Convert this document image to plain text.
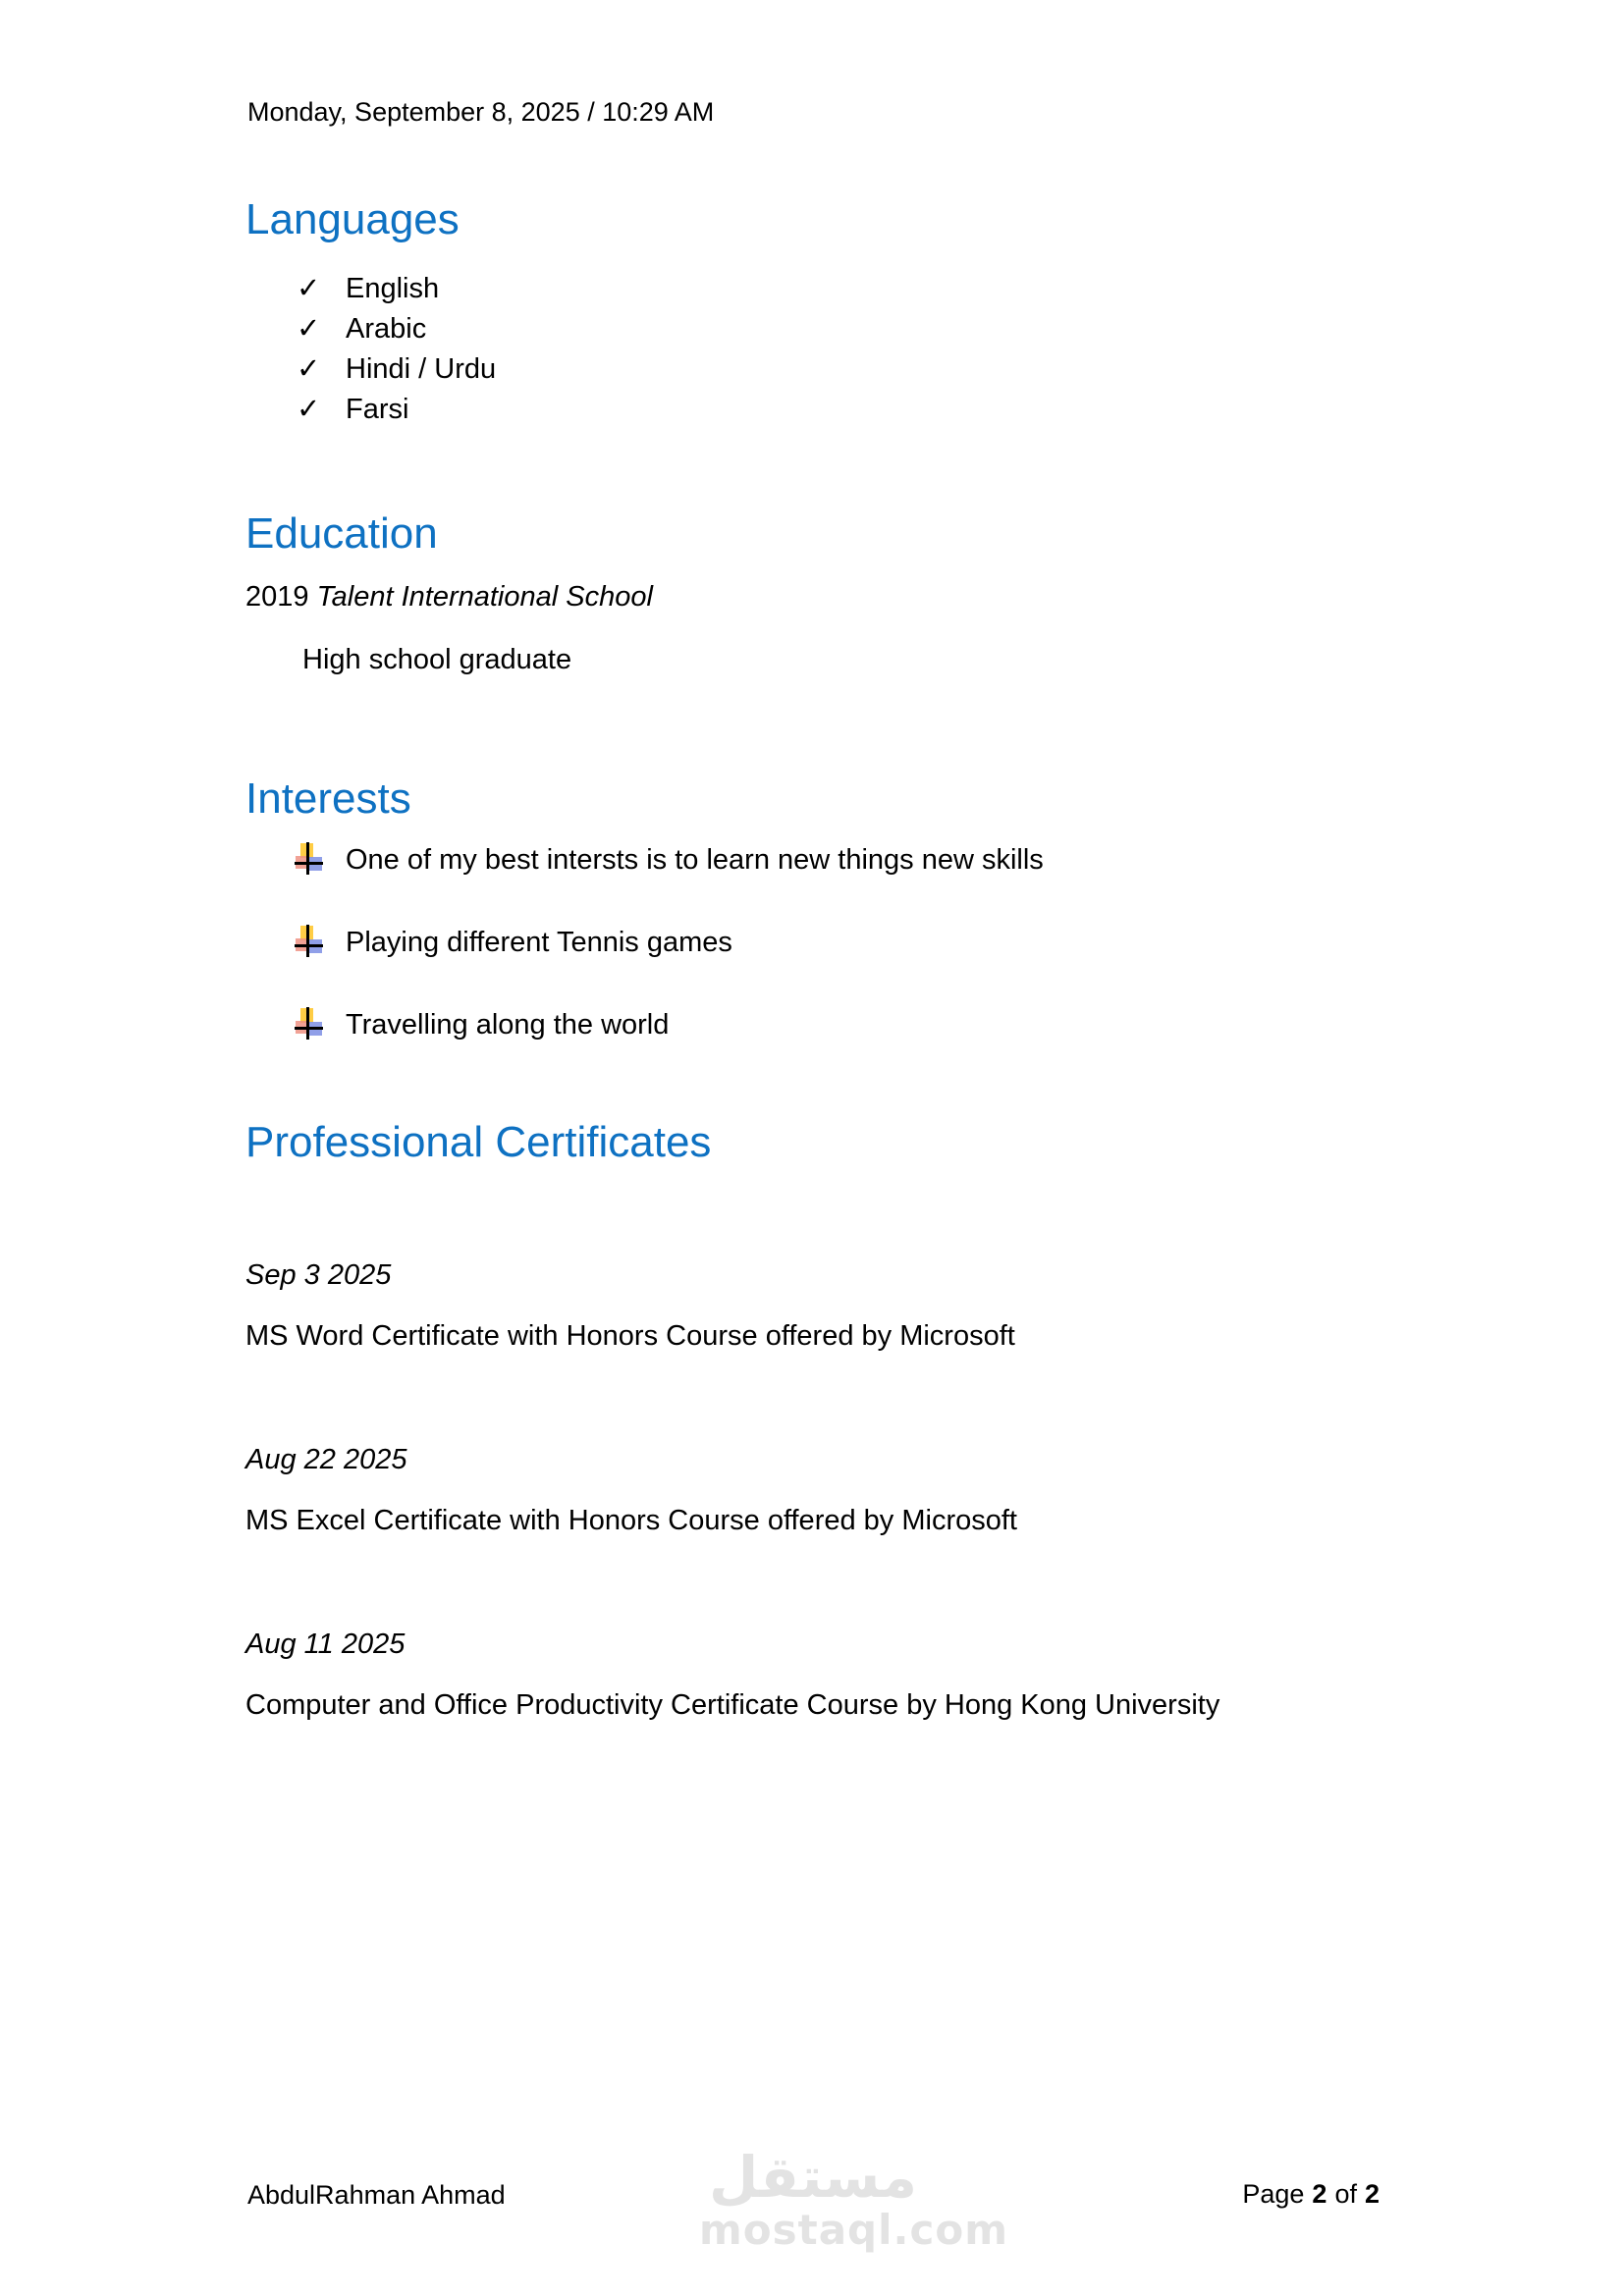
Monday, September 8, 2025 / 10:29 AM
Languages
✓ English
✓ Arabic
✓ Hindi / Urdu
✓ Farsi
Education

2019 Talent International School

High school graduate

Interests
One of my best intersts is to learn new things new skills
Playing different Tennis games
Travelling along the world
Professional Certificates

Sep 3 2025

MS Word Certificate with Honors Course offered by Microsoft

Aug 22 2025

MS Excel Certificate with Honors Course offered by Microsoft

Aug 11 2025

Computer and Office Productivity Certificate Course by Hong Kong University

مستقل
mostaql.com
AbdulRahman Ahmad	Page 2 of 2
